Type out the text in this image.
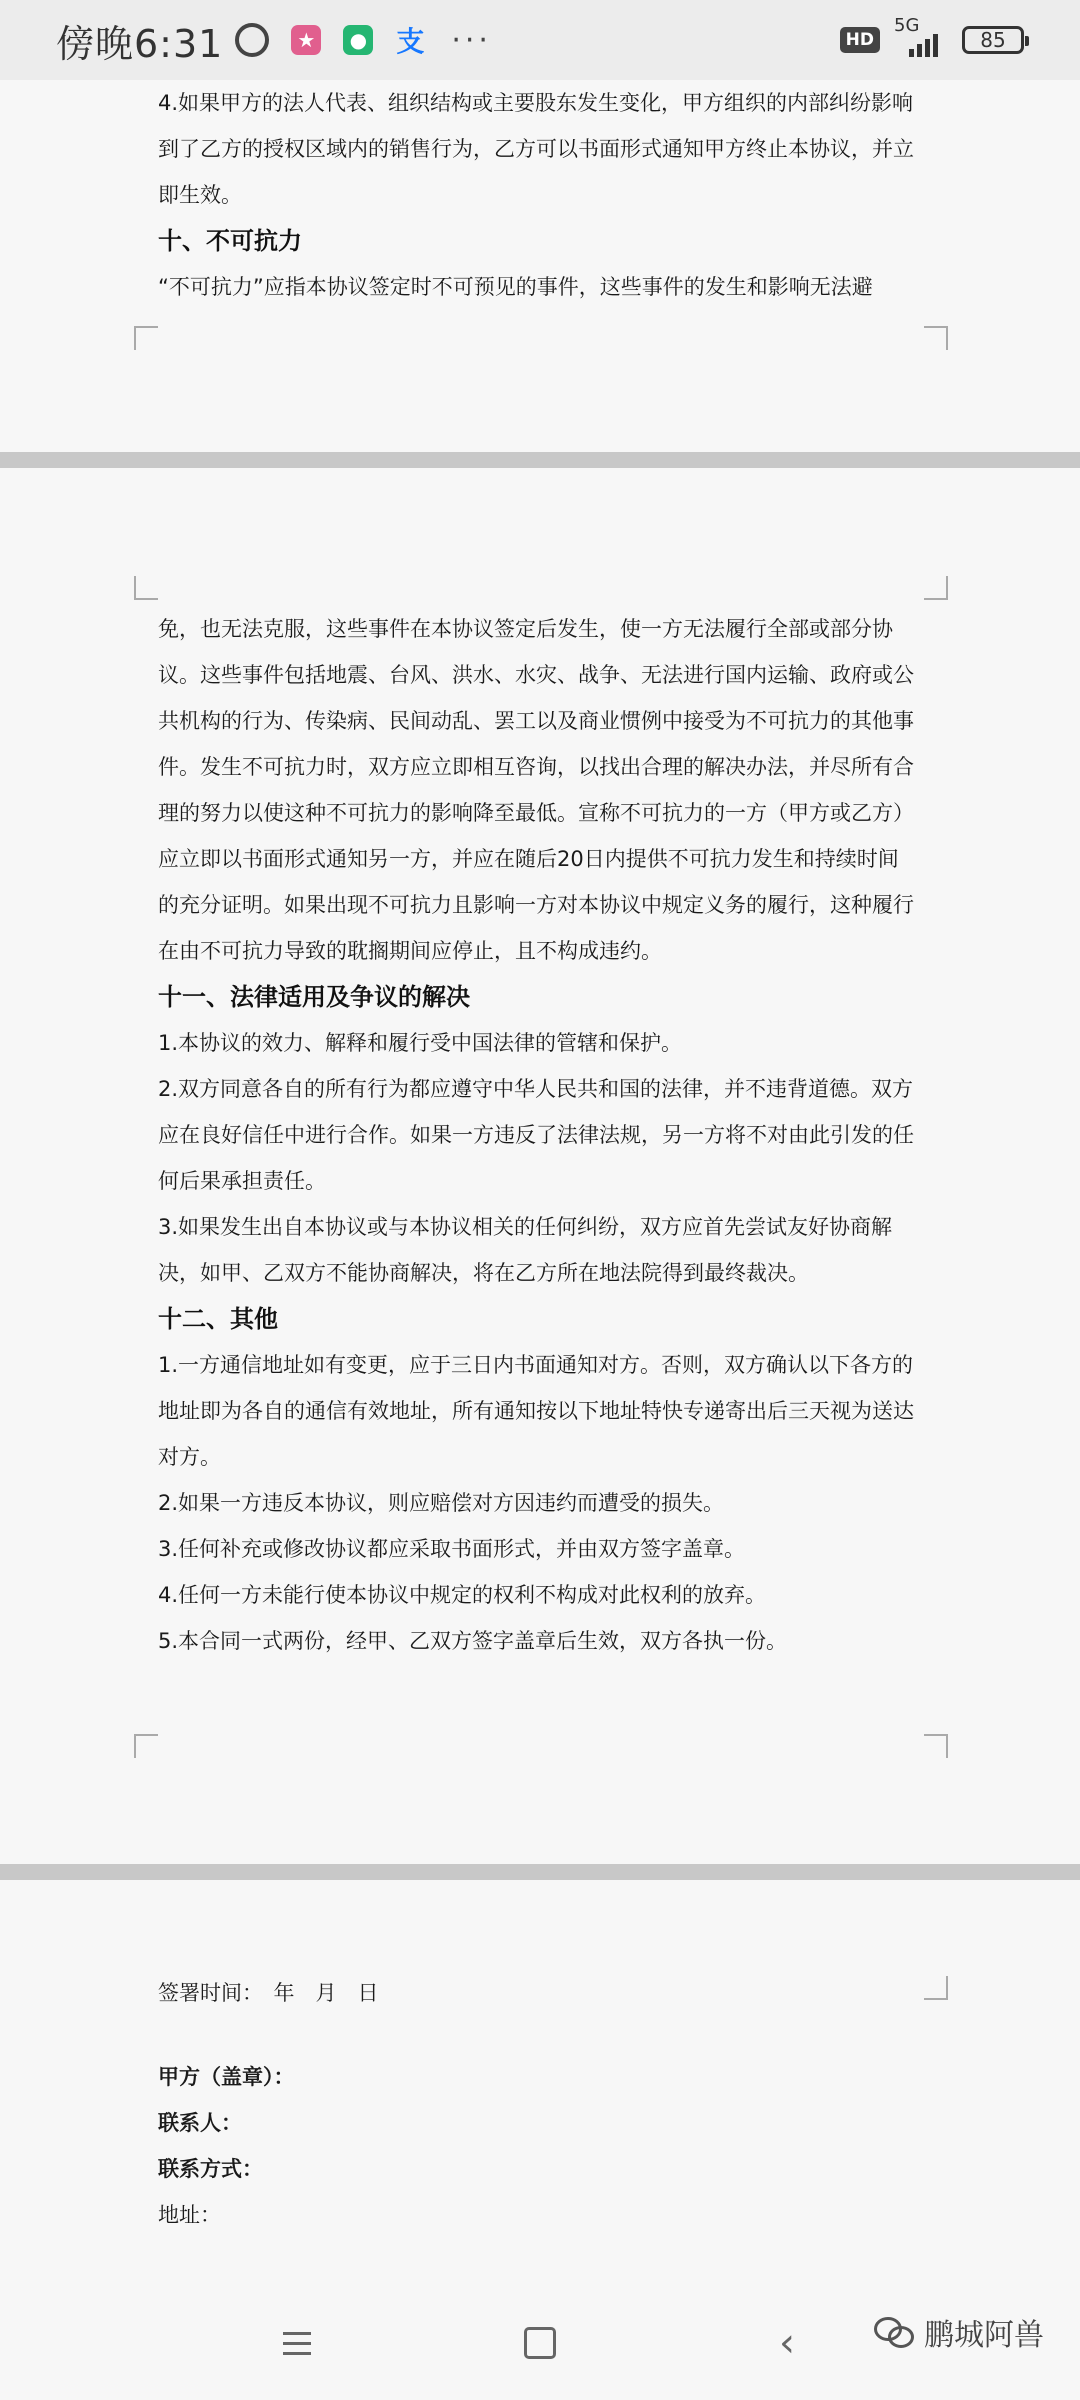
傍晚6:31	★	● 支 ···	HD
5G
85
4.如果甲方的法人代表、组织结构或主要股东发生变化，甲方组织的内部纠纷影响
到了乙方的授权区域内的销售行为，乙方可以书面形式通知甲方终止本协议，并立
即生效。
十、不可抗力
“不可抗力”应指本协议签定时不可预见的事件，这些事件的发生和影响无法避
免，也无法克服，这些事件在本协议签定后发生，使一方无法履行全部或部分协
议。这些事件包括地震、台风、洪水、水灾、战争、无法进行国内运输、政府或公
共机构的行为、传染病、民间动乱、罢工以及商业惯例中接受为不可抗力的其他事
件。发生不可抗力时，双方应立即相互咨询，以找出合理的解决办法，并尽所有合
理的努力以使这种不可抗力的影响降至最低。宣称不可抗力的一方（甲方或乙方）
应立即以书面形式通知另一方，并应在随后20日内提供不可抗力发生和持续时间
的充分证明。如果出现不可抗力且影响一方对本协议中规定义务的履行，这种履行
在由不可抗力导致的耽搁期间应停止，且不构成违约。
十一、法律适用及争议的解决
1.本协议的效力、解释和履行受中国法律的管辖和保护。
2.双方同意各自的所有行为都应遵守中华人民共和国的法律，并不违背道德。双方
应在良好信任中进行合作。如果一方违反了法律法规，另一方将不对由此引发的任
何后果承担责任。
3.如果发生出自本协议或与本协议相关的任何纠纷，双方应首先尝试友好协商解
决，如甲、乙双方不能协商解决，将在乙方所在地法院得到最终裁决。
十二、其他
1.一方通信地址如有变更，应于三日内书面通知对方。否则，双方确认以下各方的
地址即为各自的通信有效地址，所有通知按以下地址特快专递寄出后三天视为送达
对方。
2.如果一方违反本协议，则应赔偿对方因违约而遭受的损失。
3.任何补充或修改协议都应采取书面形式，并由双方签字盖章。
4.任何一方未能行使本协议中规定的权利不构成对此权利的放弃。
5.本合同一式两份，经甲、乙双方签字盖章后生效，双方各执一份。
签署时间：　年　月　日
甲方（盖章）：
联系人：
联系方式：
地址：
‹	鹏城阿兽
